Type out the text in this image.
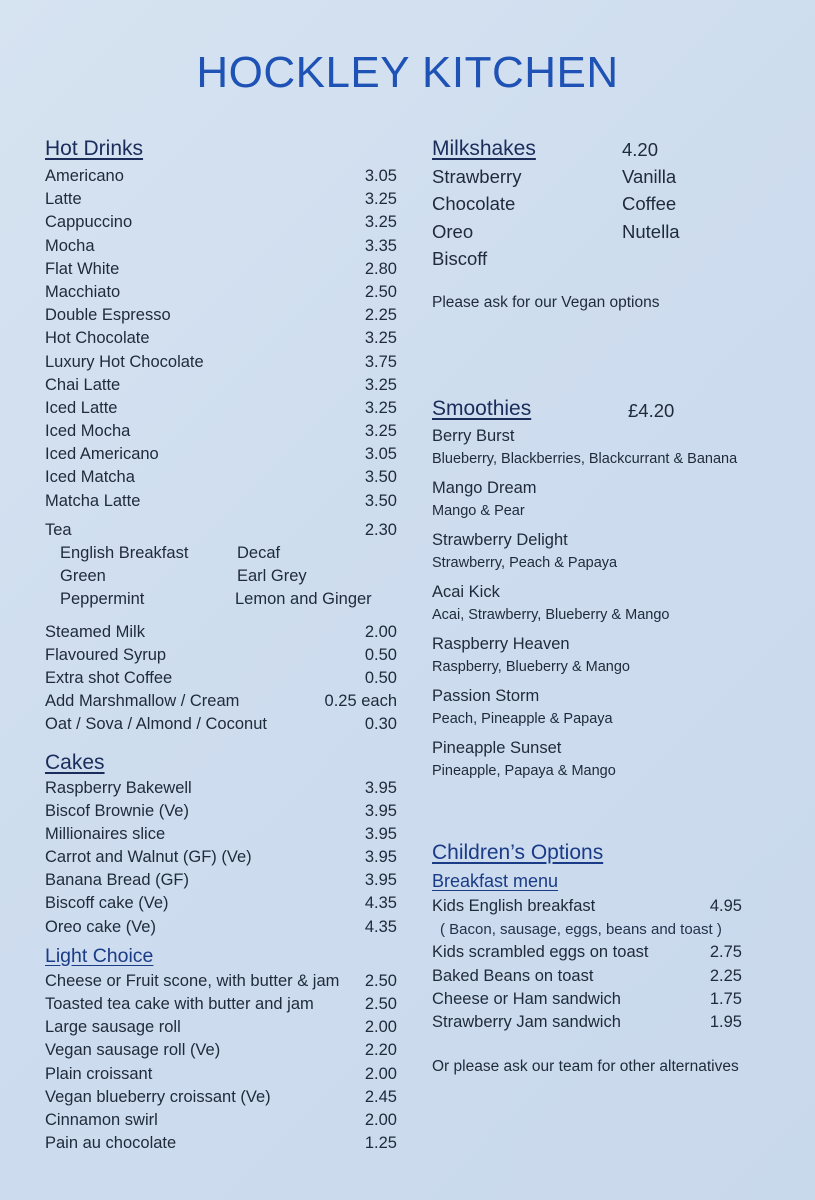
HOCKLEY KITCHEN
Hot Drinks
Americano	3.05
Latte	3.25
Cappuccino	3.25
Mocha	3.35
Flat White	2.80
Macchiato	2.50
Double Espresso	2.25
Hot Chocolate	3.25
Luxury Hot Chocolate	3.75
Chai Latte	3.25
Iced Latte	3.25
Iced Mocha	3.25
Iced Americano	3.05
Iced Matcha	3.50
Matcha Latte	3.50
Tea	2.30
English Breakfast	Decaf
Green	Earl Grey
Peppermint	Lemon and Ginger
Steamed Milk	2.00
Flavoured Syrup	0.50
Extra shot Coffee	0.50
Add Marshmallow / Cream	0.25 each
Oat / Sova / Almond / Coconut	0.30
Cakes
Raspberry Bakewell	3.95
Biscof Brownie (Ve)	3.95
Millionaires slice	3.95
Carrot and Walnut (GF) (Ve)	3.95
Banana Bread (GF)	3.95
Biscoff cake (Ve)	4.35
Oreo cake (Ve)	4.35
Light Choice
Cheese or Fruit scone, with butter & jam 2.50
Toasted tea cake with butter and jam	2.50
Large sausage roll	2.00
Vegan sausage roll (Ve)	2.20
Plain croissant	2.00
Vegan blueberry croissant (Ve)	2.45
Cinnamon swirl	2.00
Pain au chocolate	1.25
Milkshakes	4.20
Strawberry	Vanilla
Chocolate	Coffee
Oreo	Nutella
Biscoff
Please ask for our Vegan options
Smoothies	£4.20
Berry Burst
Blueberry, Blackberries, Blackcurrant & Banana
Mango Dream
Mango & Pear
Strawberry Delight
Strawberry, Peach & Papaya
Acai Kick
Acai, Strawberry, Blueberry & Mango
Raspberry Heaven
Raspberry, Blueberry & Mango
Passion Storm
Peach, Pineapple & Papaya
Pineapple Sunset
Pineapple, Papaya & Mango
Children’s Options
Breakfast menu
Kids English breakfast	4.95
( Bacon, sausage, eggs, beans and toast )
Kids scrambled eggs on toast	2.75
Baked Beans on toast	2.25
Cheese or Ham sandwich	1.75
Strawberry Jam sandwich	1.95
Or please ask our team for other alternatives
